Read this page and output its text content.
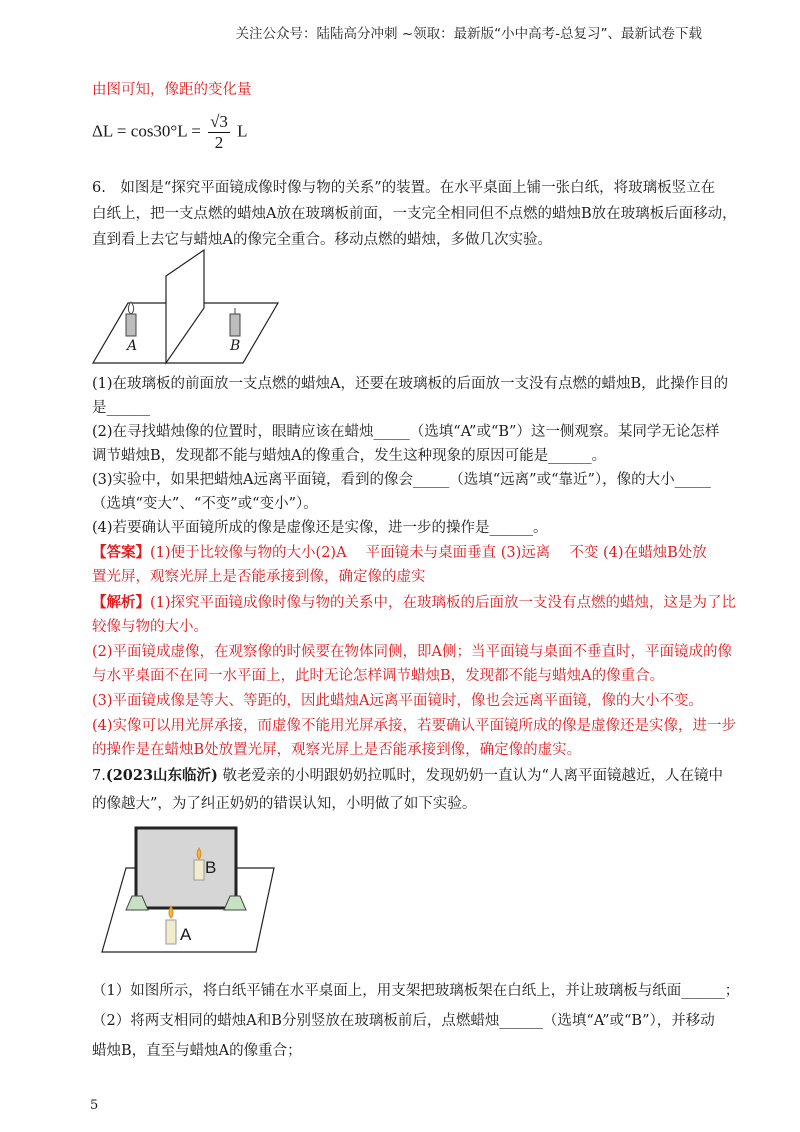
关注公众号：陆陆高分冲刺 ~领取：最新版“小中高考-总复习”、最新试卷下载
由图可知，像距的变化量
$\Delta L = \cos 30^\circ L = \frac{√3}{2}$ L
6.　如图是“探究平面镜成像时像与物的关系”的装置。在水平桌面上铺一张白纸，将玻璃板竖立在
白纸上，把一支点燃的蜡烛A放在玻璃板前面，一支完全相同但不点燃的蜡烛B放在玻璃板后面移动，
直到看上去它与蜡烛A的像完全重合。移动点燃的蜡烛，多做几次实验。
A	B
(1)在玻璃板的前面放一支点燃的蜡烛A，还要在玻璃板的后面放一支没有点燃的蜡烛B，此操作目的
是______
(2)在寻找蜡烛像的位置时，眼睛应该在蜡烛_____（选填“A”或“B”）这一侧观察。某同学无论怎样
调节蜡烛B，发现都不能与蜡烛A的像重合，发生这种现象的原因可能是______。
(3)实验中，如果把蜡烛A远离平面镜，看到的像会_____（选填“远离”或“靠近”），像的大小_____
（选填“变大”、“不变”或“变小”）。
(4)若要确认平面镜所成的像是虚像还是实像，进一步的操作是______。
【答案】(1)便于比较像与物的大小(2)A　 平面镜未与桌面垂直 (3)远离　 不变 (4)在蜡烛B处放
置光屏，观察光屏上是否能承接到像，确定像的虚实
【解析】(1)探究平面镜成像时像与物的关系中，在玻璃板的后面放一支没有点燃的蜡烛，这是为了比
较像与物的大小。
(2)平面镜成虚像，在观察像的时候要在物体同侧，即A侧；当平面镜与桌面不垂直时，平面镜成的像
与水平桌面不在同一水平面上，此时无论怎样调节蜡烛B，发现都不能与蜡烛A的像重合。
(3)平面镜成像是等大、等距的，因此蜡烛A远离平面镜时，像也会远离平面镜，像的大小不变。
(4)实像可以用光屏承接，而虚像不能用光屏承接，若要确认平面镜所成的像是虚像还是实像，进一步
的操作是在蜡烛B处放置光屏，观察光屏上是否能承接到像，确定像的虚实。
7.(2023山东临沂) 敬老爱亲的小明跟奶奶拉呱时，发现奶奶一直认为“人离平面镜越近，人在镜中
的像越大”，为了纠正奶奶的错误认知，小明做了如下实验。
B
A
（1）如图所示，将白纸平铺在水平桌面上，用支架把玻璃板架在白纸上，并让玻璃板与纸面______；
（2）将两支相同的蜡烛A和B分别竖放在玻璃板前后，点燃蜡烛______（选填“A”或“B”），并移动
蜡烛B，直至与蜡烛A的像重合；
5
